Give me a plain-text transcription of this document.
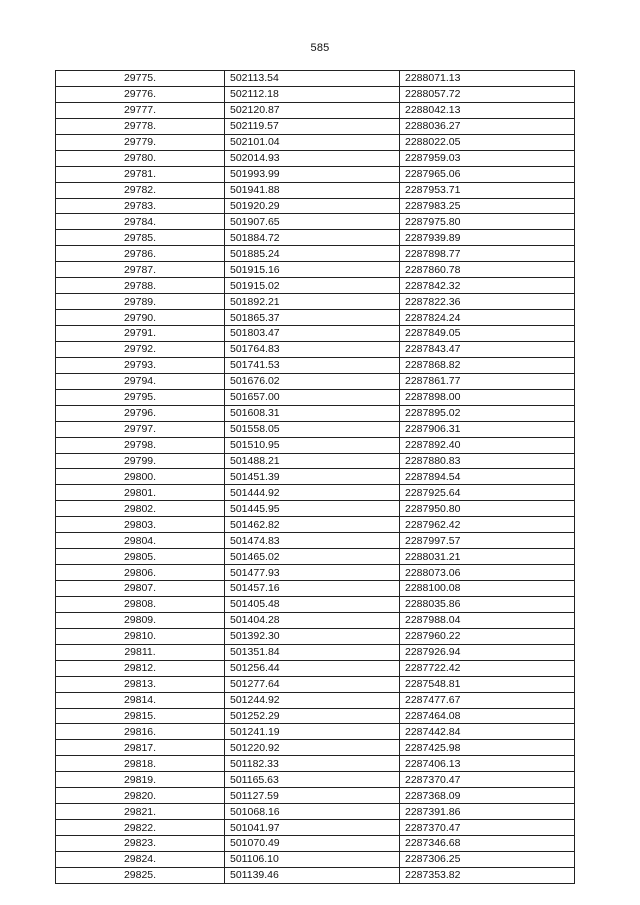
585
29775.	502113.54	2288071.13
29776.	502112.18	2288057.72
29777.	502120.87	2288042.13
29778.	502119.57	2288036.27
29779.	502101.04	2288022.05
29780.	502014.93	2287959.03
29781.	501993.99	2287965.06
29782.	501941.88	2287953.71
29783.	501920.29	2287983.25
29784.	501907.65	2287975.80
29785.	501884.72	2287939.89
29786.	501885.24	2287898.77
29787.	501915.16	2287860.78
29788.	501915.02	2287842.32
29789.	501892.21	2287822.36
29790.	501865.37	2287824.24
29791.	501803.47	2287849.05
29792.	501764.83	2287843.47
29793.	501741.53	2287868.82
29794.	501676.02	2287861.77
29795.	501657.00	2287898.00
29796.	501608.31	2287895.02
29797.	501558.05	2287906.31
29798.	501510.95	2287892.40
29799.	501488.21	2287880.83
29800.	501451.39	2287894.54
29801.	501444.92	2287925.64
29802.	501445.95	2287950.80
29803.	501462.82	2287962.42
29804.	501474.83	2287997.57
29805.	501465.02	2288031.21
29806.	501477.93	2288073.06
29807.	501457.16	2288100.08
29808.	501405.48	2288035.86
29809.	501404.28	2287988.04
29810.	501392.30	2287960.22
29811.	501351.84	2287926.94
29812.	501256.44	2287722.42
29813.	501277.64	2287548.81
29814.	501244.92	2287477.67
29815.	501252.29	2287464.08
29816.	501241.19	2287442.84
29817.	501220.92	2287425.98
29818.	501182.33	2287406.13
29819.	501165.63	2287370.47
29820.	501127.59	2287368.09
29821.	501068.16	2287391.86
29822.	501041.97	2287370.47
29823.	501070.49	2287346.68
29824.	501106.10	2287306.25
29825.	501139.46	2287353.82
